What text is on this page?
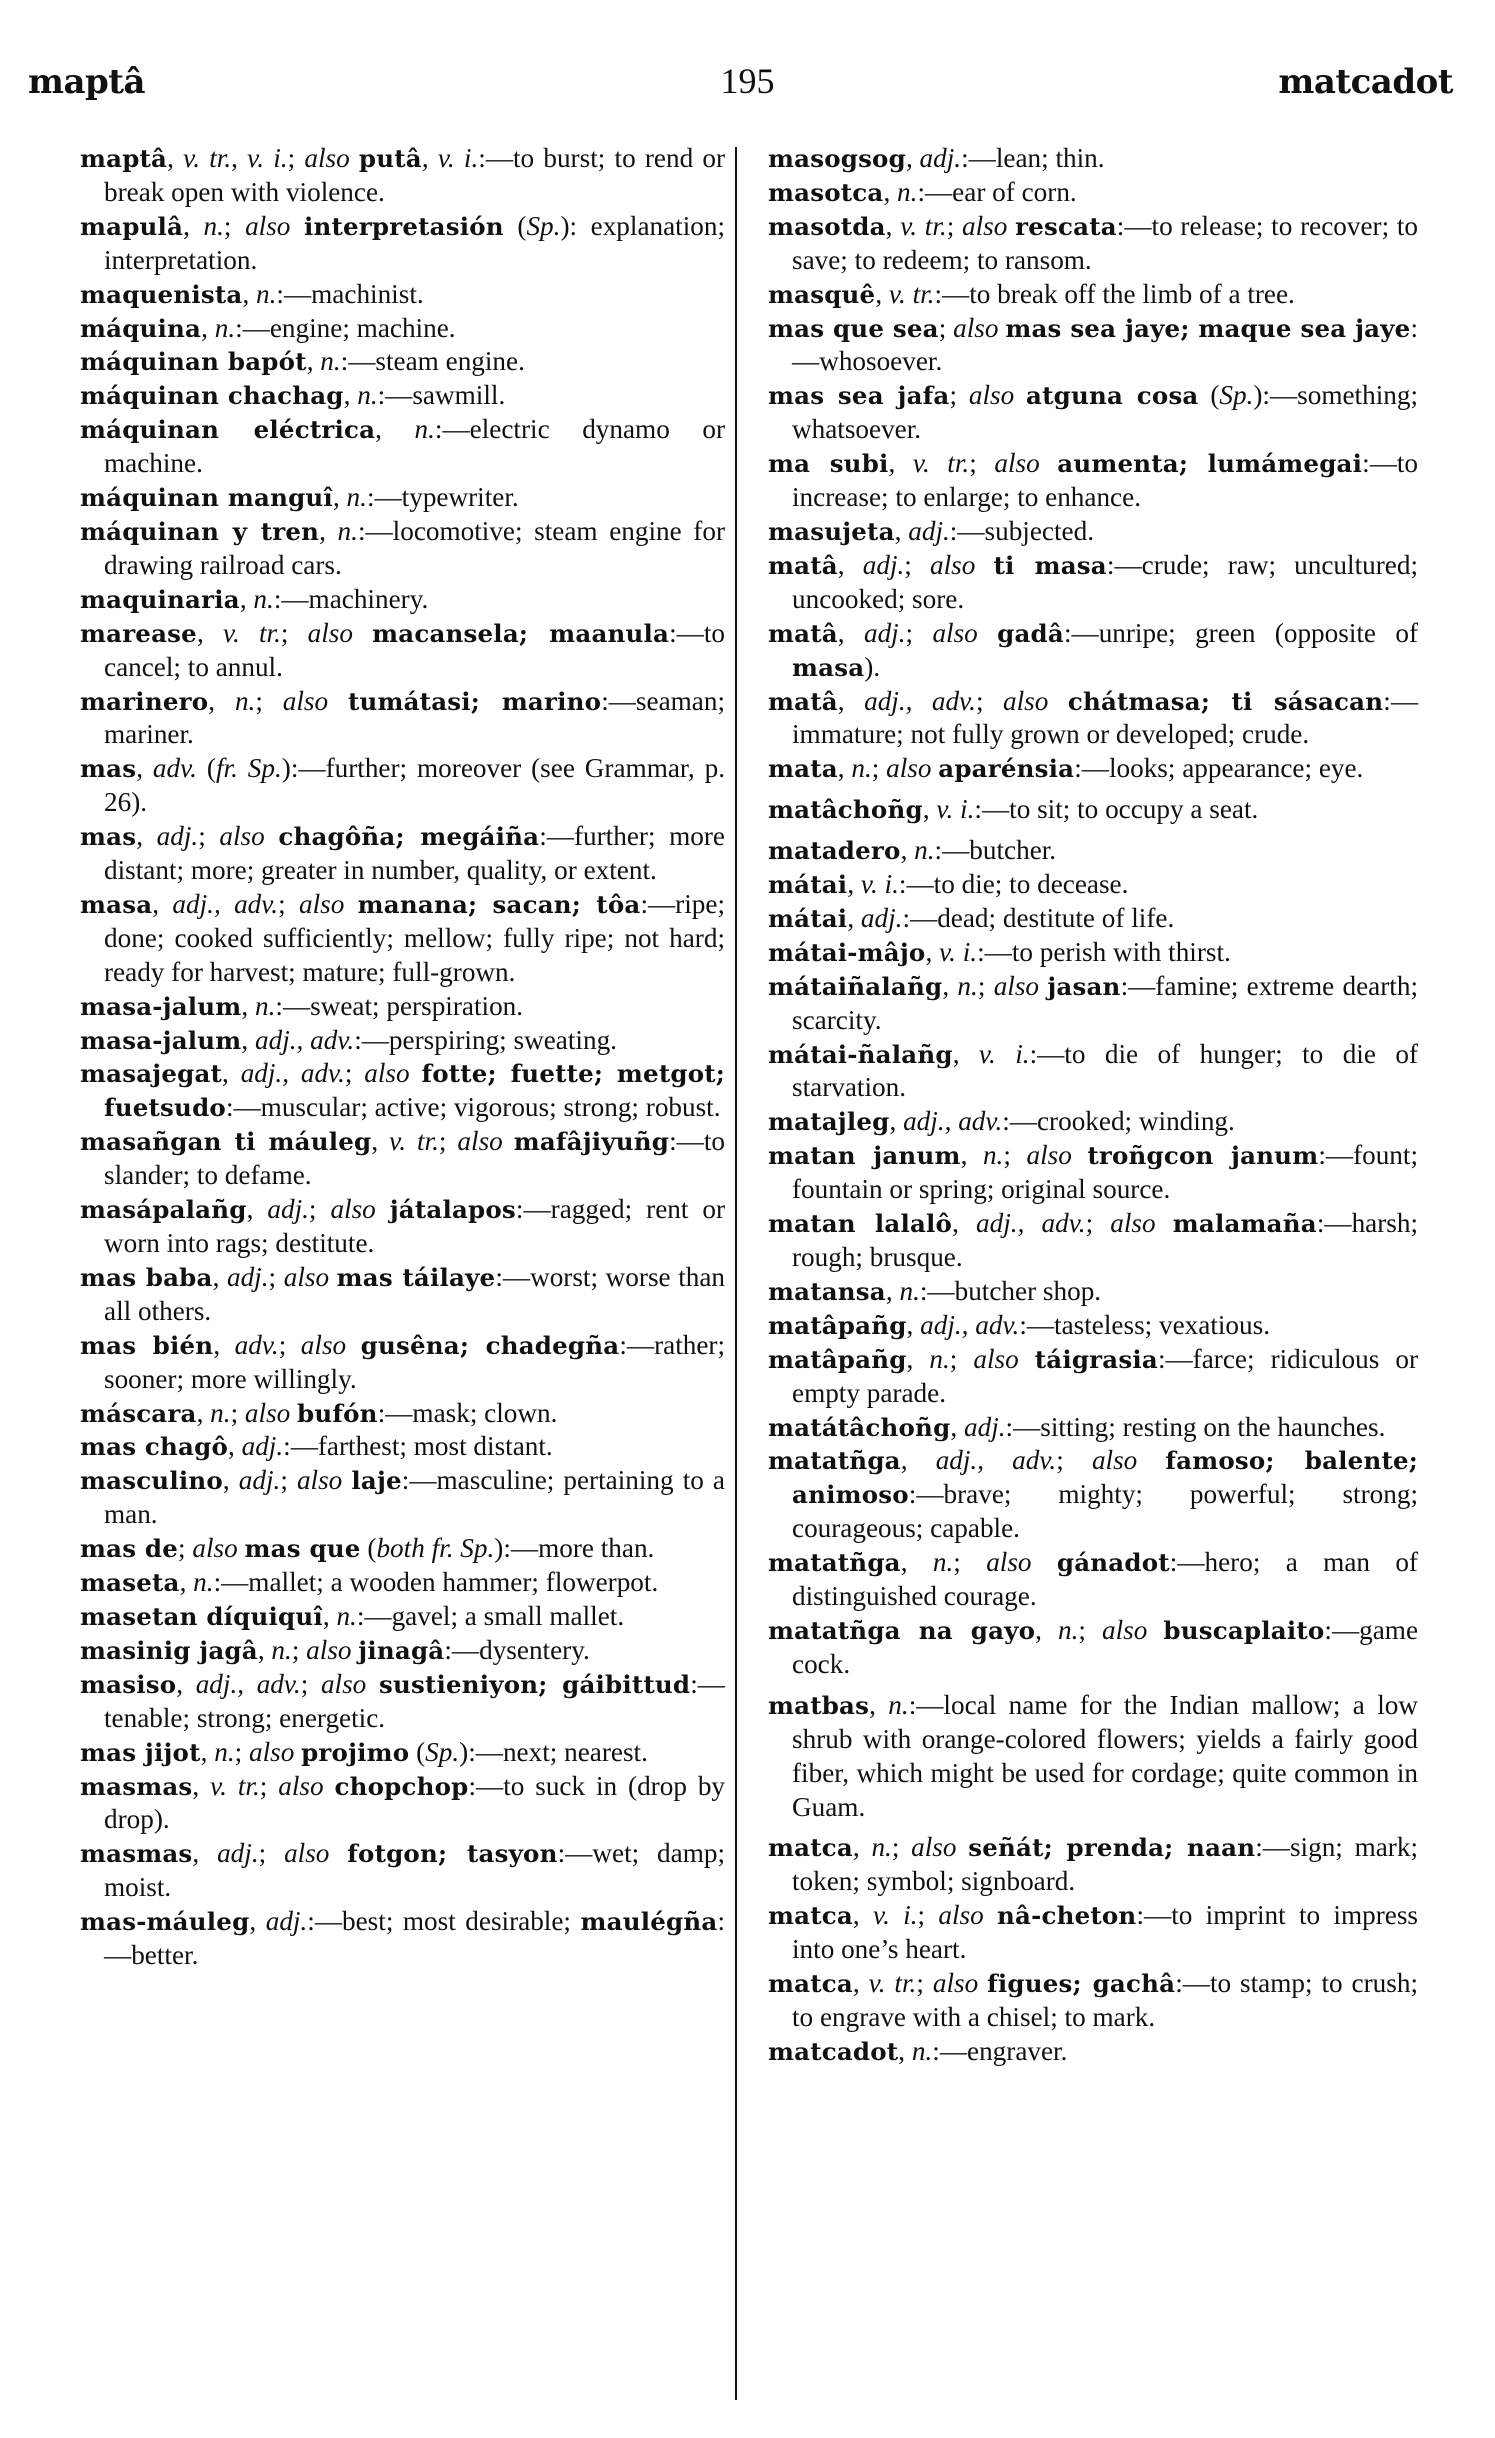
maptâ	195	matcadot

maptâ, v. tr., v. i.; also putâ, v. i.:—to burst; to rend or break open with violence.

mapulâ, n.; also interpretasión (Sp.): explanation; interpretation.

maquenista, n.:—machinist.

máquina, n.:—engine; machine.

máquinan bapót, n.:—steam engine.

máquinan chachag, n.:—sawmill.

máquinan eléctrica, n.:—electric dynamo or machine.

máquinan manguî, n.:—typewriter.

máquinan y tren, n.:—locomotive; steam engine for drawing railroad cars.

maquinaria, n.:—machinery.

marease, v. tr.; also macansela; maanula:—to cancel; to annul.

marinero, n.; also tumátasi; marino:—seaman; mariner.

mas, adv. (fr. Sp.):—further; moreover (see Grammar, p. 26).

mas, adj.; also chagôña; megáiña:—further; more distant; more; greater in number, quality, or extent.

masa, adj., adv.; also manana; sacan; tôa:—ripe; done; cooked sufficiently; mellow; fully ripe; not hard; ready for harvest; mature; full-grown.

masa-jalum, n.:—sweat; perspiration.

masa-jalum, adj., adv.:—perspiring; sweating.

masajegat, adj., adv.; also fotte; fuette; metgot; fuetsudo:—muscular; active; vigorous; strong; robust.

masañgan ti máuleg, v. tr.; also mafâjiyuñg:—to slander; to defame.

masápalañg, adj.; also játalapos:—ragged; rent or worn into rags; destitute.

mas baba, adj.; also mas táilaye:—worst; worse than all others.

mas bién, adv.; also gusêna; chadegña:—rather; sooner; more willingly.

máscara, n.; also bufón:—mask; clown.

mas chagô, adj.:—farthest; most distant.

masculino, adj.; also laje:—masculine; pertaining to a man.

mas de; also mas que (both fr. Sp.):—more than.

maseta, n.:—mallet; a wooden hammer; flowerpot.

masetan díquiquî, n.:—gavel; a small mallet.

masinig jagâ, n.; also jinagâ:—dysentery.

masiso, adj., adv.; also sustieniyon; gáibittud:—tenable; strong; energetic.

mas jijot, n.; also projimo (Sp.):—next; nearest.

masmas, v. tr.; also chopchop:—to suck in (drop by drop).

masmas, adj.; also fotgon; tasyon:—wet; damp; moist.

mas-máuleg, adj.:—best; most desirable; maulégña:—better.

masogsog, adj.:—lean; thin.

masotca, n.:—ear of corn.

masotda, v. tr.; also rescata:—to release; to recover; to save; to redeem; to ransom.

masquê, v. tr.:—to break off the limb of a tree.

mas que sea; also mas sea jaye; maque sea jaye:—whosoever.

mas sea jafa; also atguna cosa (Sp.):—something; whatsoever.

ma subi, v. tr.; also aumenta; lumámegai:—to increase; to enlarge; to enhance.

masujeta, adj.:—subjected.

matâ, adj.; also ti masa:—crude; raw; uncultured; uncooked; sore.

matâ, adj.; also gadâ:—unripe; green (opposite of masa).

matâ, adj., adv.; also chátmasa; ti sásacan:—immature; not fully grown or developed; crude.

mata, n.; also aparénsia:—looks; appearance; eye.

matâchoñg, v. i.:—to sit; to occupy a seat.

matadero, n.:—butcher.

mátai, v. i.:—to die; to decease.

mátai, adj.:—dead; destitute of life.

mátai-mâjo, v. i.:—to perish with thirst.

mátaiñalañg, n.; also jasan:—famine; extreme dearth; scarcity.

mátai-ñalañg, v. i.:—to die of hunger; to die of starvation.

matajleg, adj., adv.:—crooked; winding.

matan janum, n.; also troñgcon janum:—fount; fountain or spring; original source.

matan lalalô, adj., adv.; also malamaña:—harsh; rough; brusque.

matansa, n.:—butcher shop.

matâpañg, adj., adv.:—tasteless; vexatious.

matâpañg, n.; also táigrasia:—farce; ridiculous or empty parade.

matátâchoñg, adj.:—sitting; resting on the haunches.

matatñga, adj., adv.; also famoso; balente; animoso:—brave; mighty; powerful; strong; courageous; capable.

matatñga, n.; also gánadot:—hero; a man of distinguished courage.

matatñga na gayo, n.; also buscaplaito:—game cock.

matbas, n.:—local name for the Indian mallow; a low shrub with orange-colored flowers; yields a fairly good fiber, which might be used for cordage; quite common in Guam.

matca, n.; also señát; prenda; naan:—sign; mark; token; symbol; signboard.

matca, v. i.; also nâ-cheton:—to imprint to impress into one’s heart.

matca, v. tr.; also figues; gachâ:—to stamp; to crush; to engrave with a chisel; to mark.

matcadot, n.:—engraver.
